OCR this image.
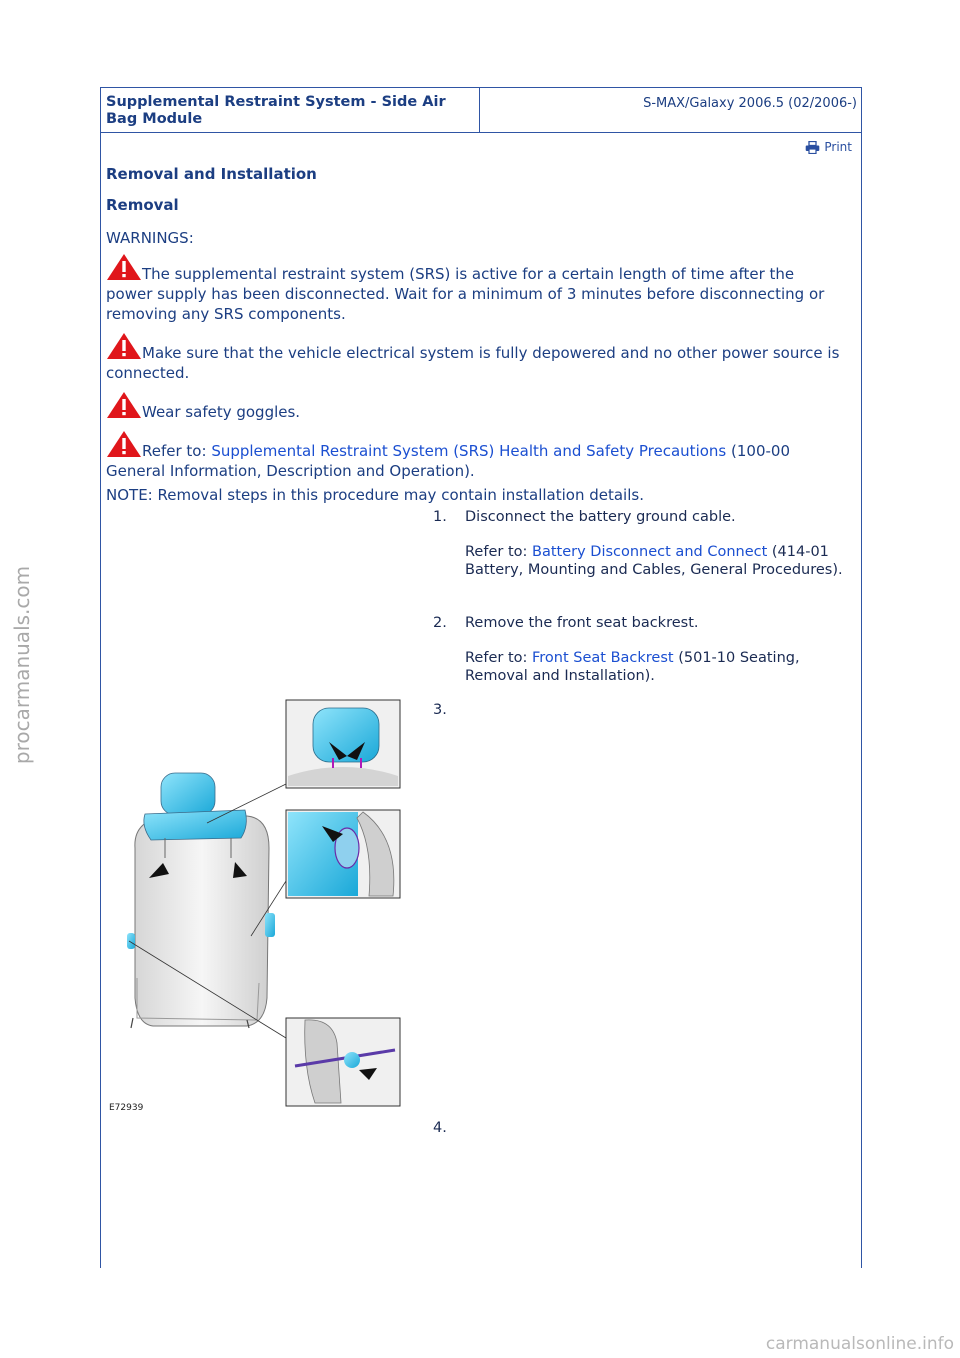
procarmanuals.com
Supplemental Restraint System - Side Air Bag Module
S-MAX/Galaxy 2006.5 (02/2006-)
Print
Removal and Installation
Removal
WARNINGS:
The supplemental restraint system (SRS) is active for a certain length of time after the power supply has been disconnected. Wait for a minimum of 3 minutes before disconnecting or removing any SRS components.
Make sure that the vehicle electrical system is fully depowered and no other power source is connected.
Wear safety goggles.
Refer to: Supplemental Restraint System (SRS) Health and Safety Precautions (100-00 General Information, Description and Operation).
NOTE: Removal steps in this procedure may contain installation details.
1.	Disconnect the battery ground cable.
Refer to: Battery Disconnect and Connect (414-01 Battery, Mounting and Cables, General Procedures).
2.	Remove the front seat backrest.
Refer to: Front Seat Backrest (501-10 Seating, Removal and Installation).
3.
4.
E72939
carmanualsonline.info
